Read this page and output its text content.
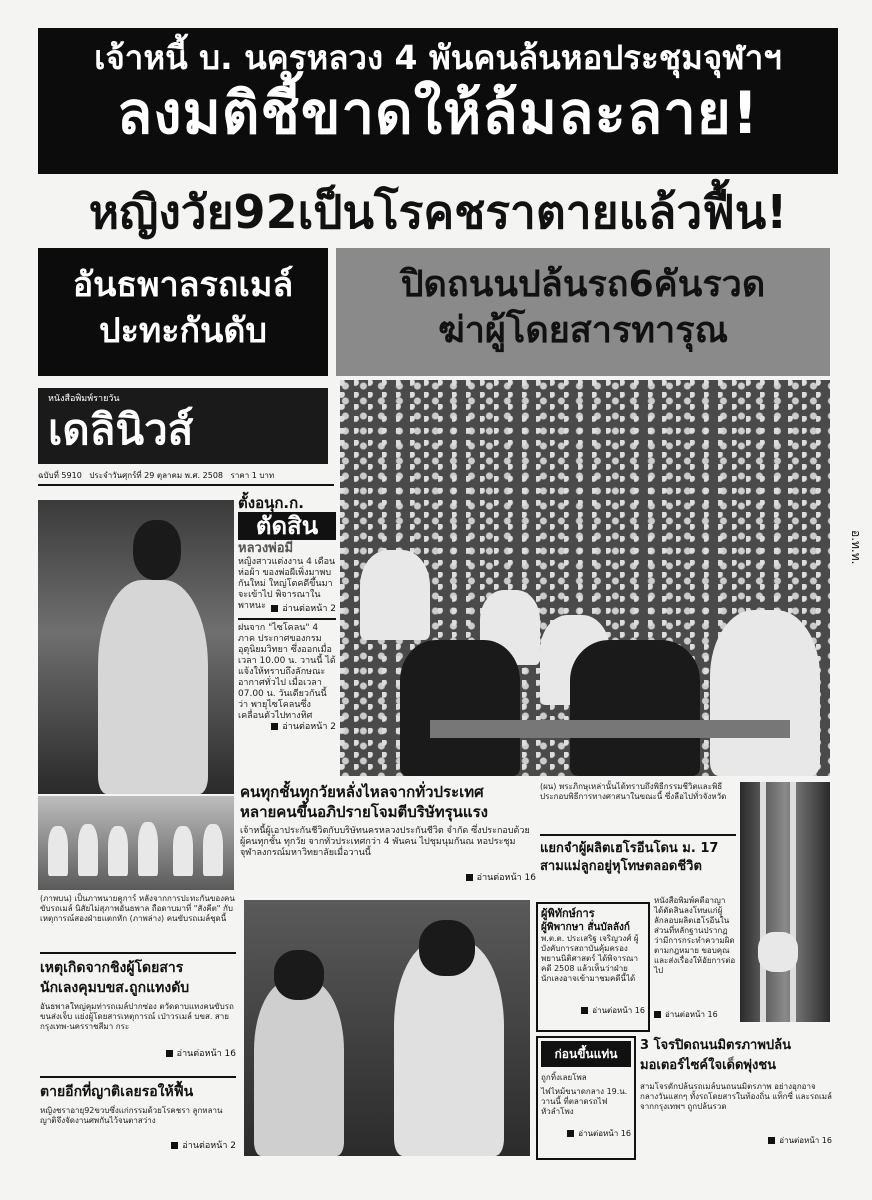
เจ้าหนี้ บ. นครหลวง 4 พันคนล้นหอประชุมจุฬาฯ
ลงมติชี้ขาดให้ล้มละลาย!
หญิงวัย92เป็นโรคชราตายแล้วฟื้น!
อันธพาลรถเมล์
ปะทะกันดับ
ปิดถนนปล้นรถ6คันรวด
ฆ่าผู้โดยสารทารุณ
หนังสือพิมพ์รายวัน
เดลินิวส์
ฉบับที่ 5910 ประจำวันศุกร์ที่ 29 ตุลาคม พ.ศ. 2508 ราคา 1 บาท
อ.ท.ท.
ตั้งอนุก.ก.
ตัดสิน
หลวงพ่อมี
หญิงสาวแต่งงาน 4 เดือน ห่อผ้า ของพ่อผีเพิ่งมาพบกันใหม่ ใหญ่โตคดีขึ้นมาจะเข้าไป พิจารณาในพาหนะ	อ่านต่อหน้า 2
ฝนจาก "ไซโคลน" 4 ภาค ประกาศของกรมอุตุนิยมวิทยา ซึ่งออกเมื่อเวลา 10.00 น. วานนี้ ได้แจ้งให้ทราบถึงลักษณะอากาศทั่วไป เมื่อเวลา 07.00 น. วันเดียวกันนี้ว่า พายุไซโคลนซึ่งเคลื่อนตัวไปทางทิศ
อ่านต่อหน้า 2
คนทุกชั้นทุกวัยหลั่งไหลจากทั่วประเทศ
หลายคนขึ้นอภิปรายโจมตีบริษัทรุนแรง
เจ้าหนี้ผู้เอาประกันชีวิตกับบริษัทนครหลวงประกันชีวิต จำกัด ซึ่งประกอบด้วยผู้คนทุกชั้น ทุกวัย จากทั่วประเทศกว่า 4 พันคน ไปชุมนุมกันณ หอประชุมจุฬาลงกรณ์มหาวิทยาลัยเมื่อวานนี้
อ่านต่อหน้า 16
(ผน) พระภิกษุเหล่านั้นได้ทราบถึงพิธีกรรมชีวิตและพิธีประกอบพิธีการทางศาสนาในขณะนี้ ซึ่งลือไปทั่วจังหวัด
แยกจำผู้ผลิตเฮโรอีนโดน ม. 17
สามแม่ลูกอยู่หุโทษตลอดชีวิต
(ภาพบน) เป็นภาพนายคูการ์ หลังจากการปะทะกันของคนขับรถเมล์ นิสัยไม่สุภาพอันธพาล ถือดาบมาที่ "สังคีต" กับเหตุการณ์สองฝ่ายแตกหัก (ภาพล่าง) คนขับรถเมล์ชุดนี้
เหตุเกิดจากชิงผู้โดยสาร
นักเลงคุมบขส.ถูกแทงดับ
อันธพาลใหญ่คุมท่ารถเมล์ปากซ่อง ตวัดดาบแทงคนขับรถขนส่งเจ็บ แย่งผู้โดยสารเหตุการณ์ เป่าวรเมล์ บขส. สายกรุงเทพ-นครราชสีมา กระ
อ่านต่อหน้า 16
ตายอีกที่ญาติเลยรอให้ฟื้น
หญิงชราอายุ92ขวบซึ่งแก่กรรมด้วยโรคชรา ลูกหลานญาติจึงจัดงานศพกันไว้จนตาสว่าง
อ่านต่อหน้า 2
ผู้พิทักษ์การ
ผู้พิพากษา สั่นบัลลังก์
พ.ต.ต. ประเสริฐ เจริญวงศ์ ผู้บังคับการสถาบันคุ้มครองพยานนิติศาสตร์ ได้พิจารณาคดี 2508 แล้วเห็นว่าฝ่ายนักเลงอาจเข้ามาชมคดีนี้ได้
อ่านต่อหน้า 16
หนังสือพิมพ์คดีอาญา ได้ตัดสินลงโทษแก่ผู้ลักลอบผลิตเฮโรอีนในส่วนที่หลักฐานปรากฏว่ามีการกระทำความผิดตามกฎหมาย ขอบคุณและส่งเรื่องให้อัยการต่อไป
อ่านต่อหน้า 16
ก่อนขึ้นแท่น
ถูกทิ้งเลยโพล
ไฟไหม้ขนาดกลาง 19.น. วานนี้ ที่ตลาดรถไฟหัวลำโพง
อ่านต่อหน้า 16
3 โจรปิดถนนมิตรภาพปล้น
มอเตอร์ไซค์ใจเด็ดพุ่งชน
สามโจรดักปล้นรถเมล์บนถนนมิตรภาพ อย่างอุกอาจ กลางวันแสกๆ ทั้งรถโดยสารในท้องถิ่น แท็กซี่ และรถเมล์จากกรุงเทพฯ ถูกปล้นรวด
อ่านต่อหน้า 16
